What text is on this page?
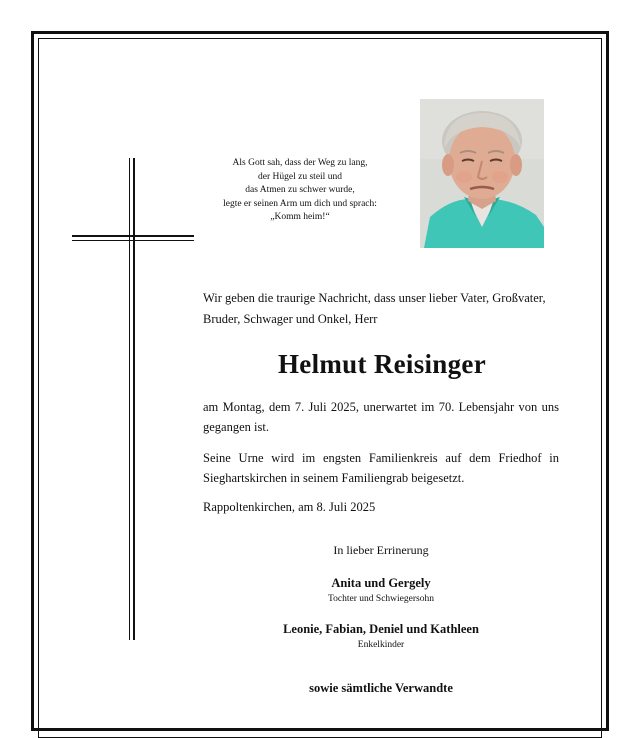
Als Gott sah, dass der Weg zu lang,
der Hügel zu steil und
das Atmen zu schwer wurde,
legte er seinen Arm um dich und sprach:
„Komm heim!“
Wir geben die traurige Nachricht, dass unser lieber Vater, Großvater,
Bruder, Schwager und Onkel, Herr
Helmut Reisinger
am Montag, dem 7. Juli 2025, unerwartet im 70. Lebensjahr von uns gegangen ist.
Seine Urne wird im engsten Familienkreis auf dem Friedhof in Sieghartskirchen in seinem Familiengrab beigesetzt.
Rappoltenkirchen, am 8. Juli 2025
In lieber Errinerung
Anita und Gergely
Tochter und Schwiegersohn
Leonie, Fabian, Deniel und Kathleen
Enkelkinder
sowie sämtliche Verwandte
